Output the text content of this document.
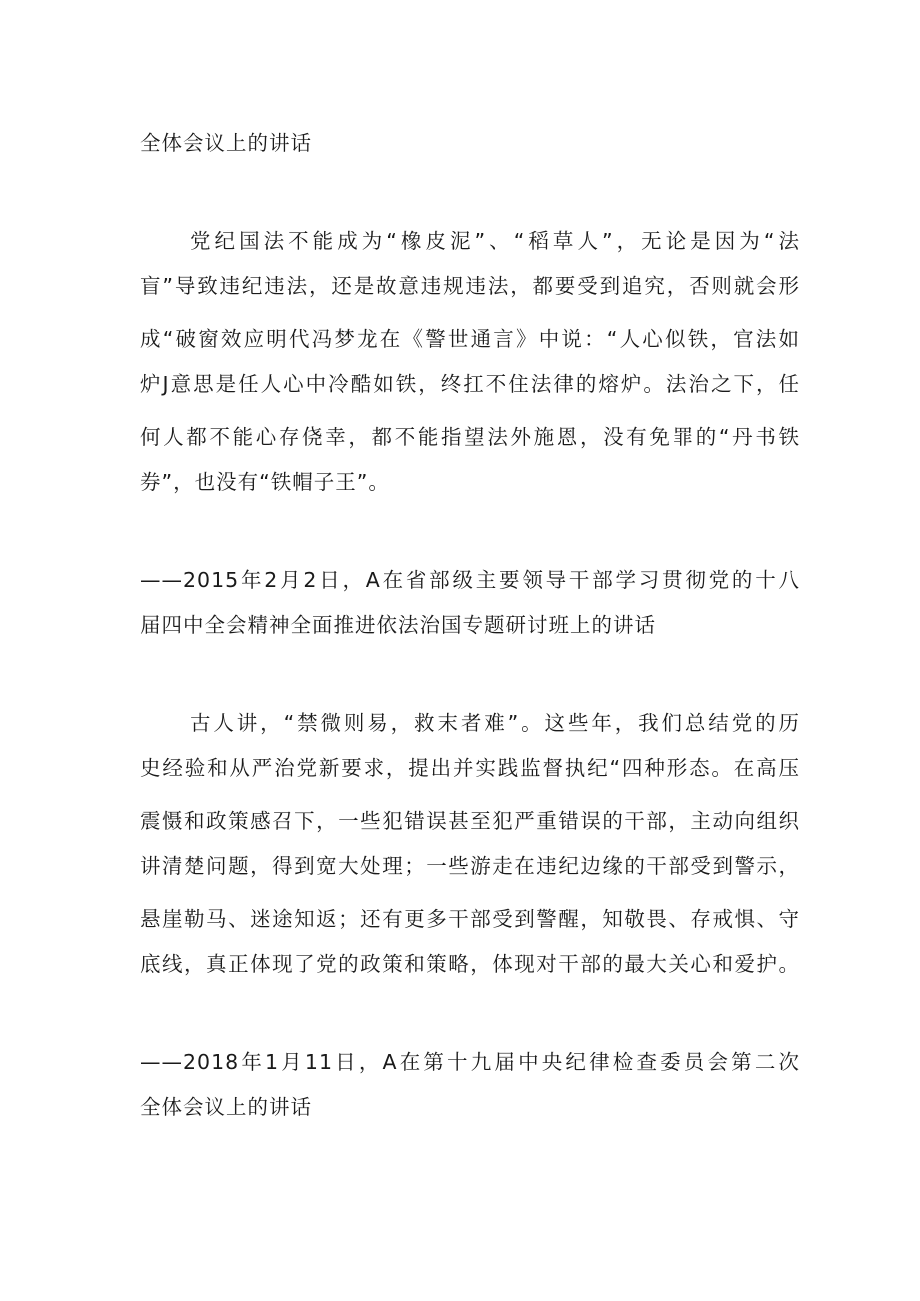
全体会议上的讲话
党纪国法不能成为“橡皮泥”、“稻草人”，无论是因为“法
盲”导致违纪违法，还是故意违规违法，都要受到追究，否则就会形
成“破窗效应明代冯梦龙在《警世通言》中说：“人心似铁，官法如
炉J意思是任人心中冷酷如铁，终扛不住法律的熔炉。法治之下，任
何人都不能心存侥幸，都不能指望法外施恩，没有免罪的“丹书铁
券”，也没有“铁帽子王”。
——2015年2月2日，A在省部级主要领导干部学习贯彻党的十八
届四中全会精神全面推进依法治国专题研讨班上的讲话
古人讲，“禁微则易，救末者难”。这些年，我们总结党的历
史经验和从严治党新要求，提出并实践监督执纪“四种形态。在高压
震慑和政策感召下，一些犯错误甚至犯严重错误的干部，主动向组织
讲清楚问题，得到宽大处理；一些游走在违纪边缘的干部受到警示，
悬崖勒马、迷途知返；还有更多干部受到警醒，知敬畏、存戒惧、守
底线，真正体现了党的政策和策略，体现对干部的最大关心和爱护。
——2018年1月11日，A在第十九届中央纪律检查委员会第二次
全体会议上的讲话
